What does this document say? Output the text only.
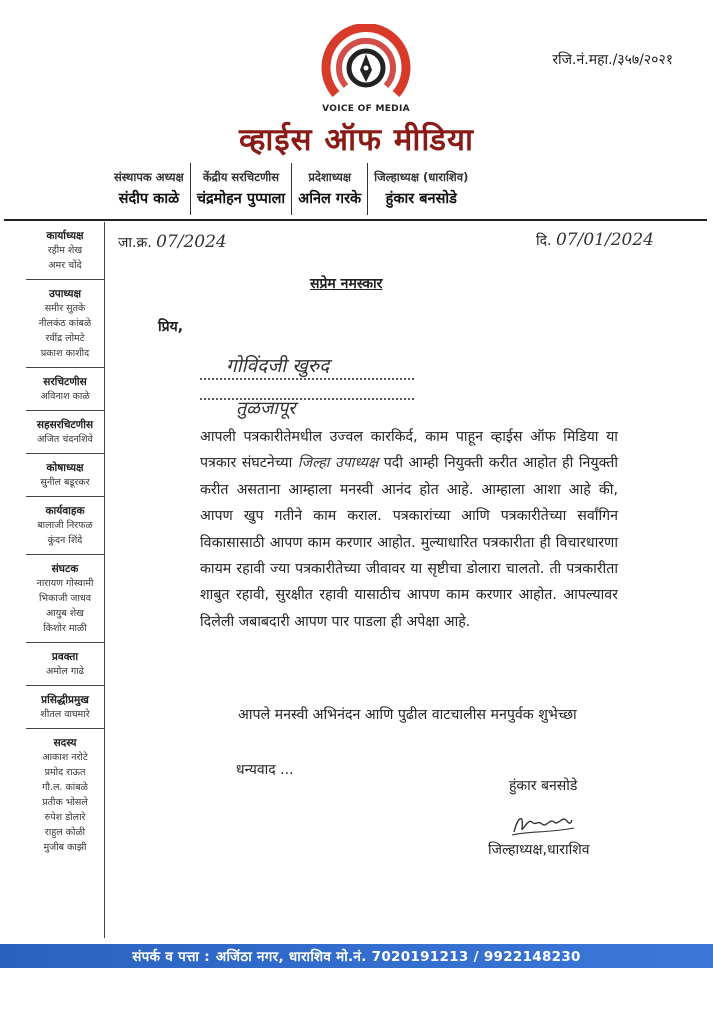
VOICE OF MEDIA
रजि.नं.महा./३५७/२०२१
व्हाईस ऑफ मीडिया
संस्थापक अध्यक्ष
संदीप काळे
केंद्रीय सरचिटणीस
चंद्रमोहन पुप्पाला
प्रदेशाध्यक्ष
अनिल गरके
जिल्हाध्यक्ष (धाराशिव)
हुंकार बनसोडे
कार्याध्यक्ष
रहीम शेख
अमर चोंदे
उपाध्यक्ष
समीर सुतके
नीलकंठ कांबळे
रवींद्र लोमटे
प्रकाश काशीद
सरचिटणीस
अविनाश काळे
सहसरचिटणीस
अजित चंदनशिवे
कोषाध्यक्ष
सुनील बडूरकर
कार्यवाहक
बालाजी निरफळ
कुंदन शिंदे
संघटक
नारायण गोस्वामी
भिकाजी जाधव
आयुब शेख
किशोर माळी
प्रवक्ता
अमोल गाढे
प्रसिद्धीप्रमुख
शीतल वाघमारे
सदस्य
आकाश नरोटे
प्रमोद राऊत
गौ.ल. कांबळे
प्रतीक भोसले
रुपेश डोलारे
राहुल कोळी
मुजीब काझी
जा.क्र. 07/2024	दि. 07/01/2024
सप्रेम नमस्कार
प्रिय,
गोविंदजी खुरुद
तुळजापूर
आपली पत्रकारीतेमधील उज्वल कारकिर्द, काम पाहून व्हाईस ऑफ मिडिया या पत्रकार संघटनेच्या जिल्हा उपाध्यक्ष पदी आम्ही नियुक्ती करीत आहोत ही नियुक्ती करीत असताना आम्हाला मनस्वी आनंद होत आहे. आम्हाला आशा आहे की, आपण खुप गतीने काम कराल. पत्रकारांच्या आणि पत्रकारीतेच्या सर्वांगिन विकासासाठी आपण काम करणार आहोत. मुल्याधारित पत्रकारीता ही विचारधारणा कायम रहावी ज्या पत्रकारीतेच्या जीवावर या सृष्टीचा डोलारा चालतो. ती पत्रकारीता शाबुत रहावी, सुरक्षीत रहावी यासाठीच आपण काम करणार आहोत. आपल्यावर दिलेली जबाबदारी आपण पार पाडला ही अपेक्षा आहे.
आपले मनस्वी अभिनंदन आणि पुढील वाटचालीस मनपुर्वक शुभेच्छा
धन्यवाद ...
हुंकार बनसोडे
जिल्हाध्यक्ष,धाराशिव
संपर्क व पत्ता : अजिंठा नगर, धाराशिव मो.नं. 7020191213 / 9922148230
